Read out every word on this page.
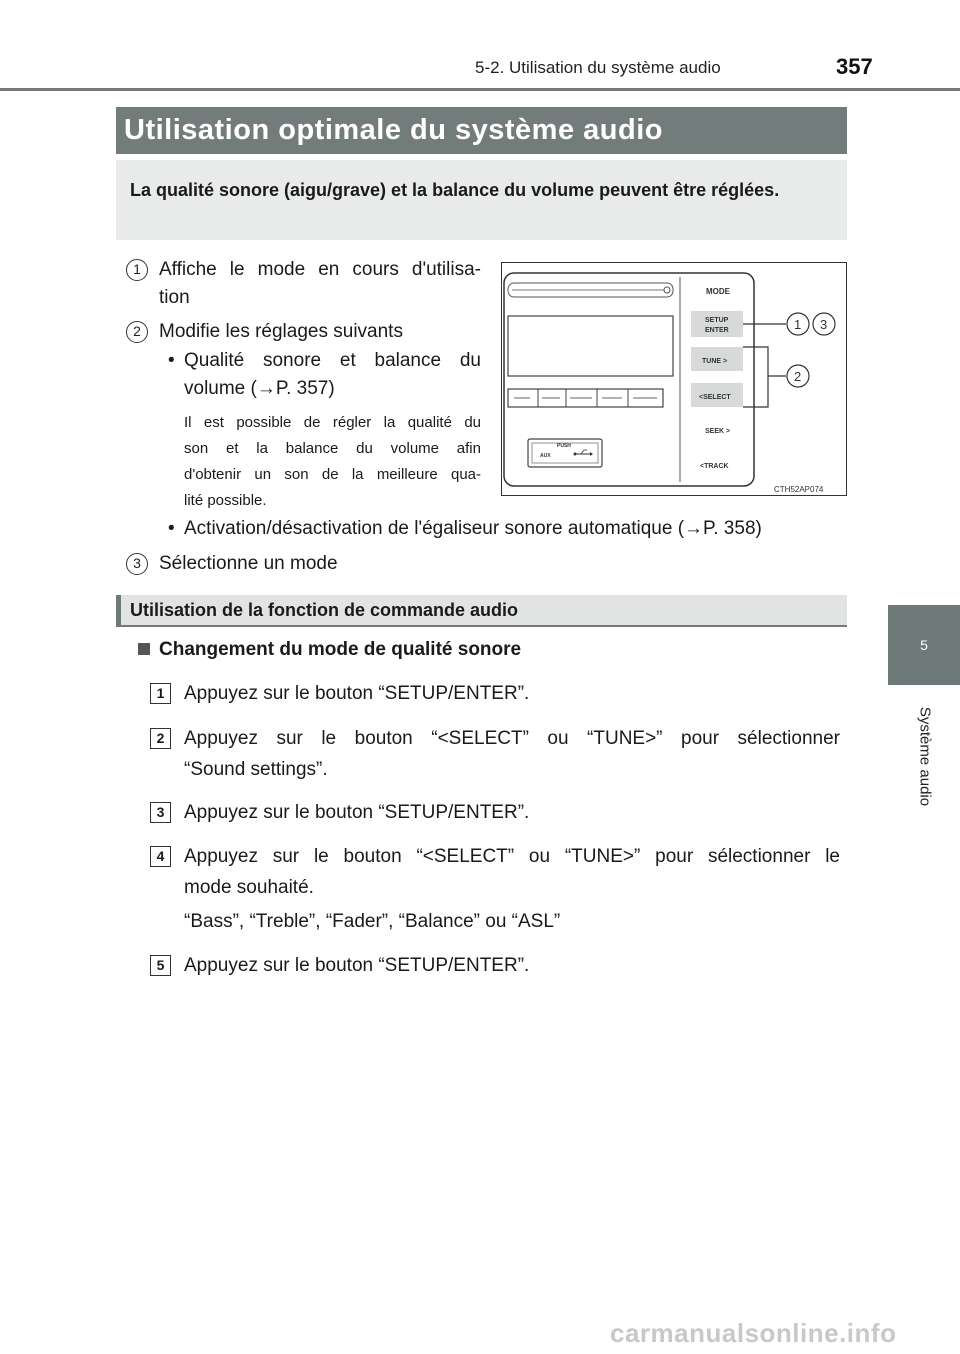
5-2. Utilisation du système audio	357
5
Système audio
Utilisation optimale du système audio
La qualité sonore (aigu/grave) et la balance du volume peuvent être réglées.
1 Affiche le mode en cours d'utilisa-
tion
2 Modifie les réglages suivants
• Qualité sonore et balance du
volume (→P. 357)
Il est possible de régler la qualité du
son et la balance du volume afin
d'obtenir un son de la meilleure qua-
lité possible.
• Activation/désactivation de l'égaliseur sonore automatique (→P. 358)
3 Sélectionne un mode
PUSH
AUX
MODE
SETUP
ENTER
TUNE >
<SELECT
SEEK >
<TRACK
1 3
2
CTH52AP074
Utilisation de la fonction de commande audio
Changement du mode de qualité sonore
1	Appuyez sur le bouton “SETUP/ENTER”.
2	Appuyez sur le bouton “<SELECT” ou “TUNE>” pour sélectionner
“Sound settings”.
3	Appuyez sur le bouton “SETUP/ENTER”.
4	Appuyez sur le bouton “<SELECT” ou “TUNE>” pour sélectionner le
mode souhaité.
“Bass”, “Treble”, “Fader”, “Balance” ou “ASL”
5	Appuyez sur le bouton “SETUP/ENTER”.
carmanualsonline.info
